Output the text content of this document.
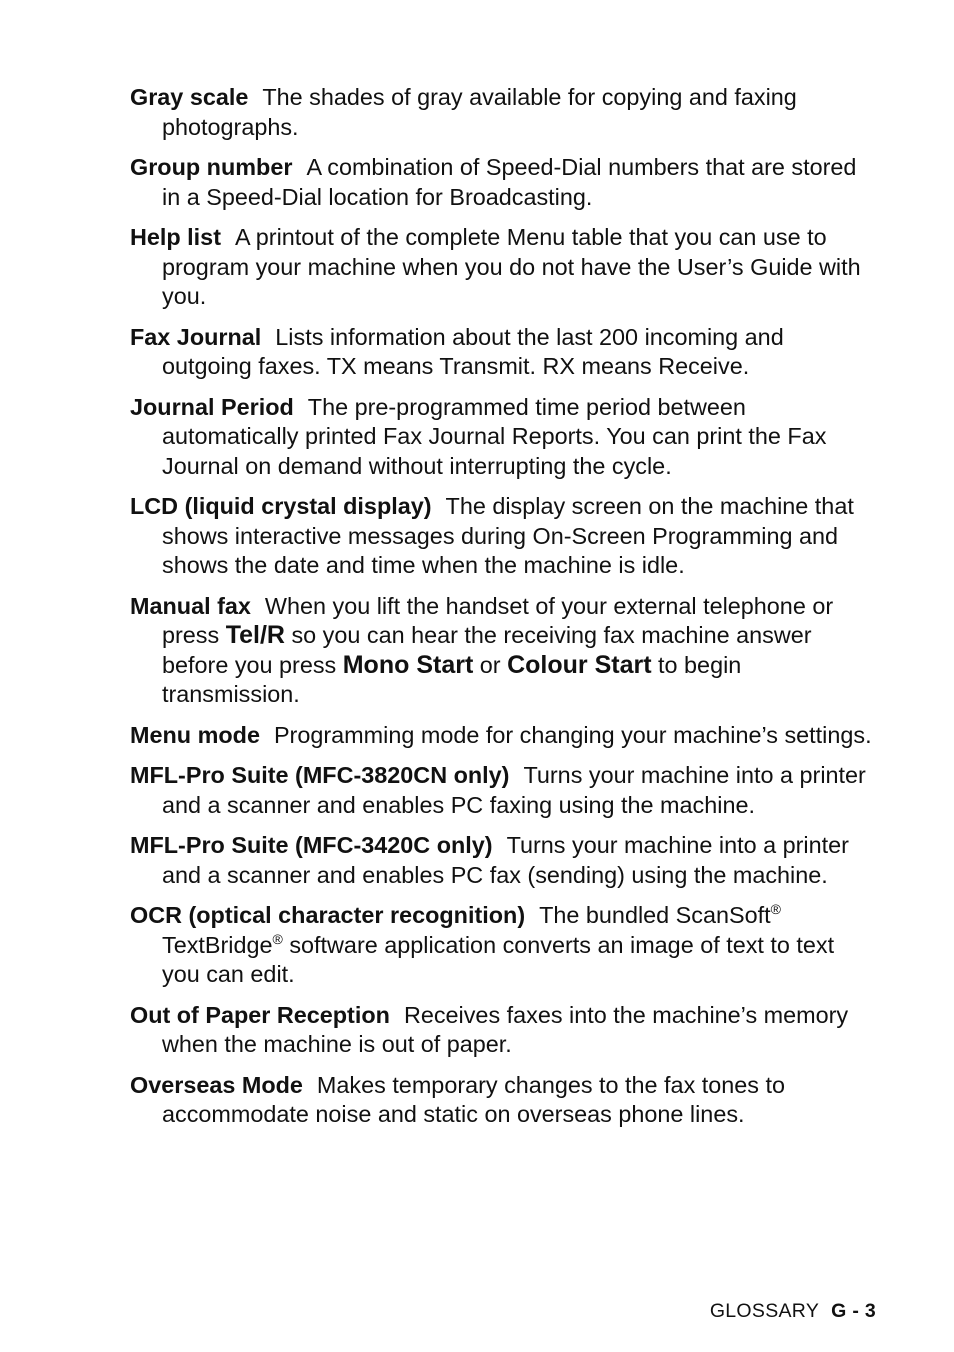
Gray scale The shades of gray available for copying and faxing photographs.

Group number A combination of Speed-Dial numbers that are stored in a Speed-Dial location for Broadcasting.

Help list A printout of the complete Menu table that you can use to program your machine when you do not have the User’s Guide with you.

Fax Journal Lists information about the last 200 incoming and outgoing faxes. TX means Transmit. RX means Receive.

Journal Period The pre-programmed time period between automatically printed Fax Journal Reports. You can print the Fax Journal on demand without interrupting the cycle.

LCD (liquid crystal display) The display screen on the machine that shows interactive messages during On-Screen Programming and shows the date and time when the machine is idle.

Manual fax When you lift the handset of your external telephone or press Tel/R so you can hear the receiving fax machine answer before you press Mono Start or Colour Start to begin transmission.

Menu mode Programming mode for changing your machine’s settings.

MFL-Pro Suite (MFC-3820CN only) Turns your machine into a printer and a scanner and enables PC faxing using the machine.

MFL-Pro Suite (MFC-3420C only) Turns your machine into a printer and a scanner and enables PC fax (sending) using the machine.

OCR (optical character recognition) The bundled ScanSoft® TextBridge® software application converts an image of text to text you can edit.

Out of Paper Reception Receives faxes into the machine’s memory when the machine is out of paper.

Overseas Mode Makes temporary changes to the fax tones to accommodate noise and static on overseas phone lines.

GLOSSARY G - 3
